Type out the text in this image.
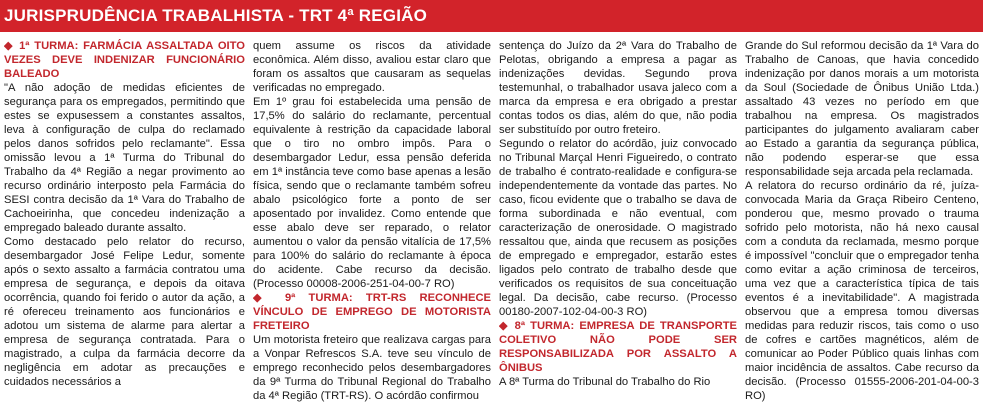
JURISPRUDÊNCIA TRABALHISTA - TRT 4ª REGIÃO

◆ 1ª TURMA: FARMÁCIA ASSALTADA OITO VEZES DEVE INDENIZAR FUNCIONÁRIO BALEADO

"A não adoção de medidas eficientes de segurança para os empregados, permitindo que estes se expusessem a constantes assaltos, leva à configuração de culpa do reclamado pelos danos sofridos pelo reclamante". Essa omissão levou a 1ª Turma do Tribunal do Trabalho da 4ª Região a negar provimento ao recurso ordinário interposto pela Farmácia do SESI contra decisão da 1ª Vara do Trabalho de Cachoeirinha, que concedeu indenização a empregado baleado durante assalto.

Como destacado pelo relator do recurso, desembargador José Felipe Ledur, somente após o sexto assalto a farmácia contratou uma empresa de segurança, e depois da oitava ocorrência, quando foi ferido o autor da ação, a ré ofereceu treinamento aos funcionários e adotou um sistema de alarme para alertar a empresa de segurança contratada. Para o magistrado, a culpa da farmácia decorre da negligência em adotar as precauções e cuidados necessários a

quem assume os riscos da atividade econômica. Além disso, avaliou estar claro que foram os assaltos que causaram as sequelas verificadas no empregado.

Em 1º grau foi estabelecida uma pensão de 17,5% do salário do reclamante, percentual equivalente à restrição da capacidade laboral que o tiro no ombro impôs. Para o desembargador Ledur, essa pensão deferida em 1ª instância teve como base apenas a lesão física, sendo que o reclamante também sofreu abalo psicológico forte a ponto de ser aposentado por invalidez. Como entende que esse abalo deve ser reparado, o relator aumentou o valor da pensão vitalícia de 17,5% para 100% do salário do reclamante à época do acidente. Cabe recurso da decisão. (Processo 00008-2006-251-04-00-7 RO)

◆ 9ª TURMA: TRT-RS RECONHECE VÍNCULO DE EMPREGO DE MOTORISTA FRETEIRO

Um motorista freteiro que realizava cargas para a Vonpar Refrescos S.A. teve seu vínculo de emprego reconhecido pelos desembargadores da 9ª Turma do Tribunal Regional do Trabalho da 4ª Região (TRT-RS). O acórdão confirmou

sentença do Juízo da 2ª Vara do Trabalho de Pelotas, obrigando a empresa a pagar as indenizações devidas. Segundo prova testemunhal, o trabalhador usava jaleco com a marca da empresa e era obrigado a prestar contas todos os dias, além do que, não podia ser substituído por outro freteiro.

Segundo o relator do acórdão, juiz convocado no Tribunal Marçal Henri Figueiredo, o contrato de trabalho é contrato-realidade e configura-se independentemente da vontade das partes. No caso, ficou evidente que o trabalho se dava de forma subordinada e não eventual, com caracterização de onerosidade. O magistrado ressaltou que, ainda que recusem as posições de empregado e empregador, estarão estes ligados pelo contrato de trabalho desde que verificados os requisitos de sua conceituação legal. Da decisão, cabe recurso. (Processo 00180-2007-102-04-00-3 RO)

◆ 8ª TURMA: EMPRESA DE TRANSPORTE COLETIVO NÃO PODE SER RESPONSABILIZADA POR ASSALTO A ÔNIBUS

A 8ª Turma do Tribunal do Trabalho do Rio

Grande do Sul reformou decisão da 1ª Vara do Trabalho de Canoas, que havia concedido indenização por danos morais a um motorista da Soul (Sociedade de Ônibus União Ltda.) assaltado 43 vezes no período em que trabalhou na empresa. Os magistrados participantes do julgamento avaliaram caber ao Estado a garantia da segurança pública, não podendo esperar-se que essa responsabilidade seja arcada pela reclamada.

A relatora do recurso ordinário da ré, juíza-convocada Maria da Graça Ribeiro Centeno, ponderou que, mesmo provado o trauma sofrido pelo motorista, não há nexo causal com a conduta da reclamada, mesmo porque é impossível "concluir que o empregador tenha como evitar a ação criminosa de terceiros, uma vez que a característica típica de tais eventos é a inevitabilidade". A magistrada observou que a empresa tomou diversas medidas para reduzir riscos, tais como o uso de cofres e cartões magnéticos, além de comunicar ao Poder Público quais linhas com maior incidência de assaltos. Cabe recurso da decisão. (Processo 01555-2006-201-04-00-3 RO)
